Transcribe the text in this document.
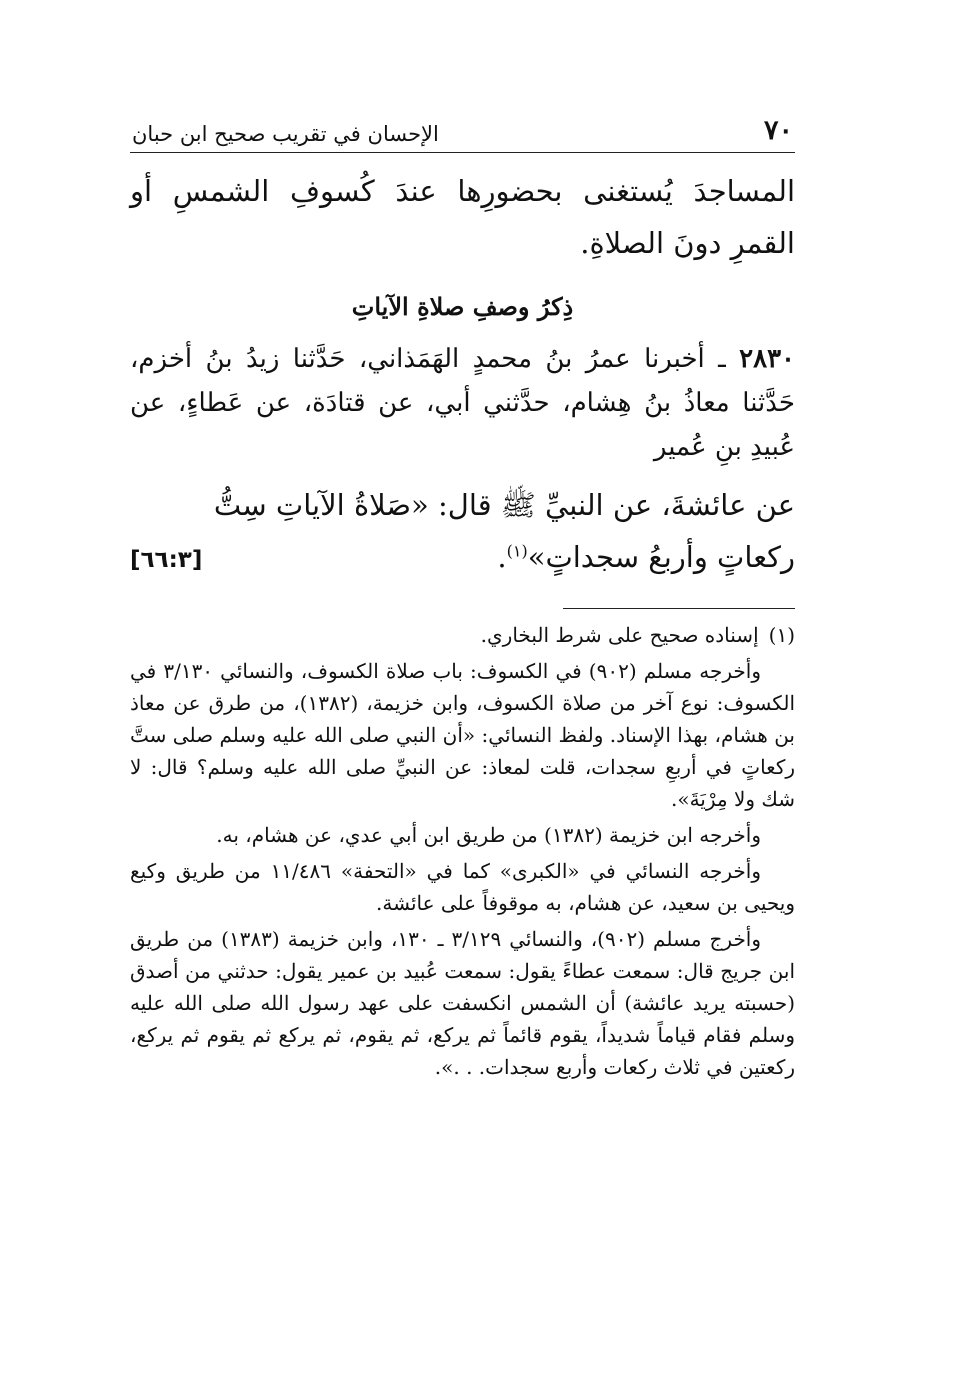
٧٠
الإحسان في تقريب صحيح ابن حبان

المساجدَ يُستغنى بحضورِها عندَ كُسوفِ الشمسِ أو القمرِ دونَ الصلاةِ.

ذِكرُ وصفِ صلاةِ الآياتِ

٢٨٣٠ ـ أخبرنا عمرُ بنُ محمدٍ الهَمَذاني، حَدَّثنا زيدُ بنُ أخزم، حَدَّثنا معاذُ بنُ هِشام، حدَّثني أبي، عن قتادَة، عن عَطاءٍ، عن عُبيدِ بنِ عُمير

عن عائشةَ، عن النبيِّ ﷺ قال: «صَلاةُ الآياتِ سِتُّ
ركعاتٍ وأربعُ سجداتٍ»$^{(١)}$.
[٦٦:٣]

(١)
إسناده صحيح على شرط البخاري.

وأخرجه مسلم (٩٠٢) في الكسوف: باب صلاة الكسوف، والنسائي ٣/١٣٠ في الكسوف: نوع آخر من صلاة الكسوف، وابن خزيمة، (١٣٨٢)، من طرق عن معاذ بن هشام، بهذا الإسناد. ولفظ النسائي: «أن النبي صلى الله عليه وسلم صلى ستَّ ركعاتٍ في أربعِ سجدات، قلت لمعاذ: عن النبيِّ صلى الله عليه وسلم؟ قال: لا شك ولا مِرْيَةَ».

وأخرجه ابن خزيمة (١٣٨٢) من طريق ابن أبي عدي، عن هشام، به.

وأخرجه النسائي في «الكبرى» كما في «التحفة» ١١/٤٨٦ من طريق وكيع ويحيى بن سعيد، عن هشام، به موقوفاً على عائشة.

وأخرج مسلم (٩٠٢)، والنسائي ٣/١٢٩ ـ ١٣٠، وابن خزيمة (١٣٨٣) من طريق ابن جريج قال: سمعت عطاءً يقول: سمعت عُبيد بن عمير يقول: حدثني من أصدق (حسبته يريد عائشة) أن الشمس انكسفت على عهد رسول الله صلى الله عليه وسلم فقام قياماً شديداً، يقوم قائماً ثم يركع، ثم يقوم، ثم يركع ثم يقوم ثم يركع، ركعتين في ثلاث ركعات وأربع سجدات. . .».
